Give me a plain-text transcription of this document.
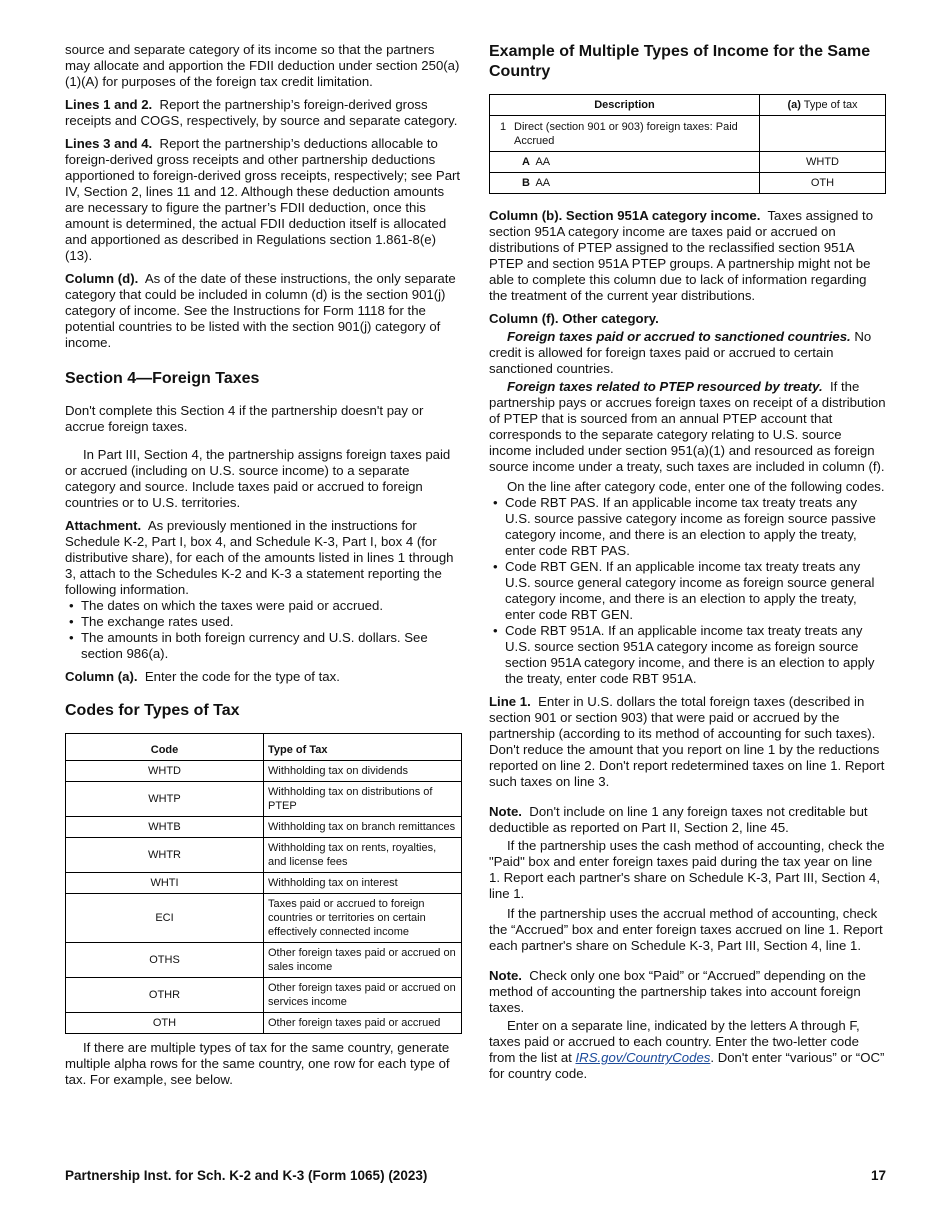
source and separate category of its income so that the partners may allocate and apportion the FDII deduction under section 250(a)(1)(A) for purposes of the foreign tax credit limitation.

Lines 1 and 2. Report the partnership’s foreign-derived gross receipts and COGS, respectively, by source and separate category.

Lines 3 and 4. Report the partnership’s deductions allocable to foreign-derived gross receipts and other partnership deductions apportioned to foreign-derived gross receipts, respectively; see Part IV, Section 2, lines 11 and 12. Although these deduction amounts are necessary to figure the partner’s FDII deduction, once this amount is determined, the actual FDII deduction itself is allocated and apportioned as described in Regulations section 1.861-8(e)(13).

Column (d). As of the date of these instructions, the only separate category that could be included in column (d) is the section 901(j) category of income. See the Instructions for Form 1118 for the potential countries to be listed with the section 901(j) category of income.

Section 4—Foreign Taxes

Don't complete this Section 4 if the partnership doesn't pay or accrue foreign taxes.

In Part III, Section 4, the partnership assigns foreign taxes paid or accrued (including on U.S. source income) to a separate category and source. Include taxes paid or accrued to foreign countries or to U.S. territories.

Attachment. As previously mentioned in the instructions for Schedule K-2, Part I, box 4, and Schedule K-3, Part I, box 4 (for distributive share), for each of the amounts listed in lines 1 through 3, attach to the Schedules K-2 and K-3 a statement reporting the following information.

• The dates on which the taxes were paid or accrued.
• The exchange rates used.
• The amounts in both foreign currency and U.S. dollars. See section 986(a).

Column (a). Enter the code for the type of tax.

Codes for Types of Tax
Code	Type of Tax
WHTD	Withholding tax on dividends
WHTP	Withholding tax on distributions of PTEP
WHTB	Withholding tax on branch remittances
WHTR	Withholding tax on rents, royalties, and license fees
WHTI	Withholding tax on interest
ECI	Taxes paid or accrued to foreign countries or territories on certain effectively connected income
OTHS	Other foreign taxes paid or accrued on sales income
OTHR	Other foreign taxes paid or accrued on services income
OTH	Other foreign taxes paid or accrued

If there are multiple types of tax for the same country, generate multiple alpha rows for the same country, one row for each type of tax. For example, see below.

Example of Multiple Types of Income for the Same Country
Description	(a) Type of tax
1 Direct (section 901 or 903) foreign taxes: Paid Accrued	
A AA	WHTD
B AA	OTH

Column (b). Section 951A category income. Taxes assigned to section 951A category income are taxes paid or accrued on distributions of PTEP assigned to the reclassified section 951A PTEP and section 951A PTEP groups. A partnership might not be able to complete this column due to lack of information regarding the treatment of the current year distributions.

Column (f). Other category.

Foreign taxes paid or accrued to sanctioned countries. No credit is allowed for foreign taxes paid or accrued to certain sanctioned countries.

Foreign taxes related to PTEP resourced by treaty. If the partnership pays or accrues foreign taxes on receipt of a distribution of PTEP that is sourced from an annual PTEP account that corresponds to the separate category relating to U.S. source income included under section 951(a)(1) and resourced as foreign source income under a treaty, such taxes are included in column (f).

On the line after category code, enter one of the following codes.

• Code RBT PAS. If an applicable income tax treaty treats any U.S. source passive category income as foreign source passive category income, and there is an election to apply the treaty, enter code RBT PAS.
• Code RBT GEN. If an applicable income tax treaty treats any U.S. source general category income as foreign source general category income, and there is an election to apply the treaty, enter code RBT GEN.
• Code RBT 951A. If an applicable income tax treaty treats any U.S. source section 951A category income as foreign source section 951A category income, and there is an election to apply the treaty, enter code RBT 951A.

Line 1. Enter in U.S. dollars the total foreign taxes (described in section 901 or section 903) that were paid or accrued by the partnership (according to its method of accounting for such taxes). Don't reduce the amount that you report on line 1 by the reductions reported on line 2. Don't report redetermined taxes on line 1. Report such taxes on line 3.

Note. Don't include on line 1 any foreign taxes not creditable but deductible as reported on Part II, Section 2, line 45.

If the partnership uses the cash method of accounting, check the "Paid" box and enter foreign taxes paid during the tax year on line 1. Report each partner's share on Schedule K-3, Part III, Section 4, line 1.

If the partnership uses the accrual method of accounting, check the “Accrued” box and enter foreign taxes accrued on line 1. Report each partner's share on Schedule K-3, Part III, Section 4, line 1.

Note. Check only one box “Paid” or “Accrued” depending on the method of accounting the partnership takes into account foreign taxes.

Enter on a separate line, indicated by the letters A through F, taxes paid or accrued to each country. Enter the two-letter code from the list at IRS.gov/CountryCodes. Don't enter “various” or “OC” for country code.

Partnership Inst. for Sch. K-2 and K-3 (Form 1065) (2023)	17
